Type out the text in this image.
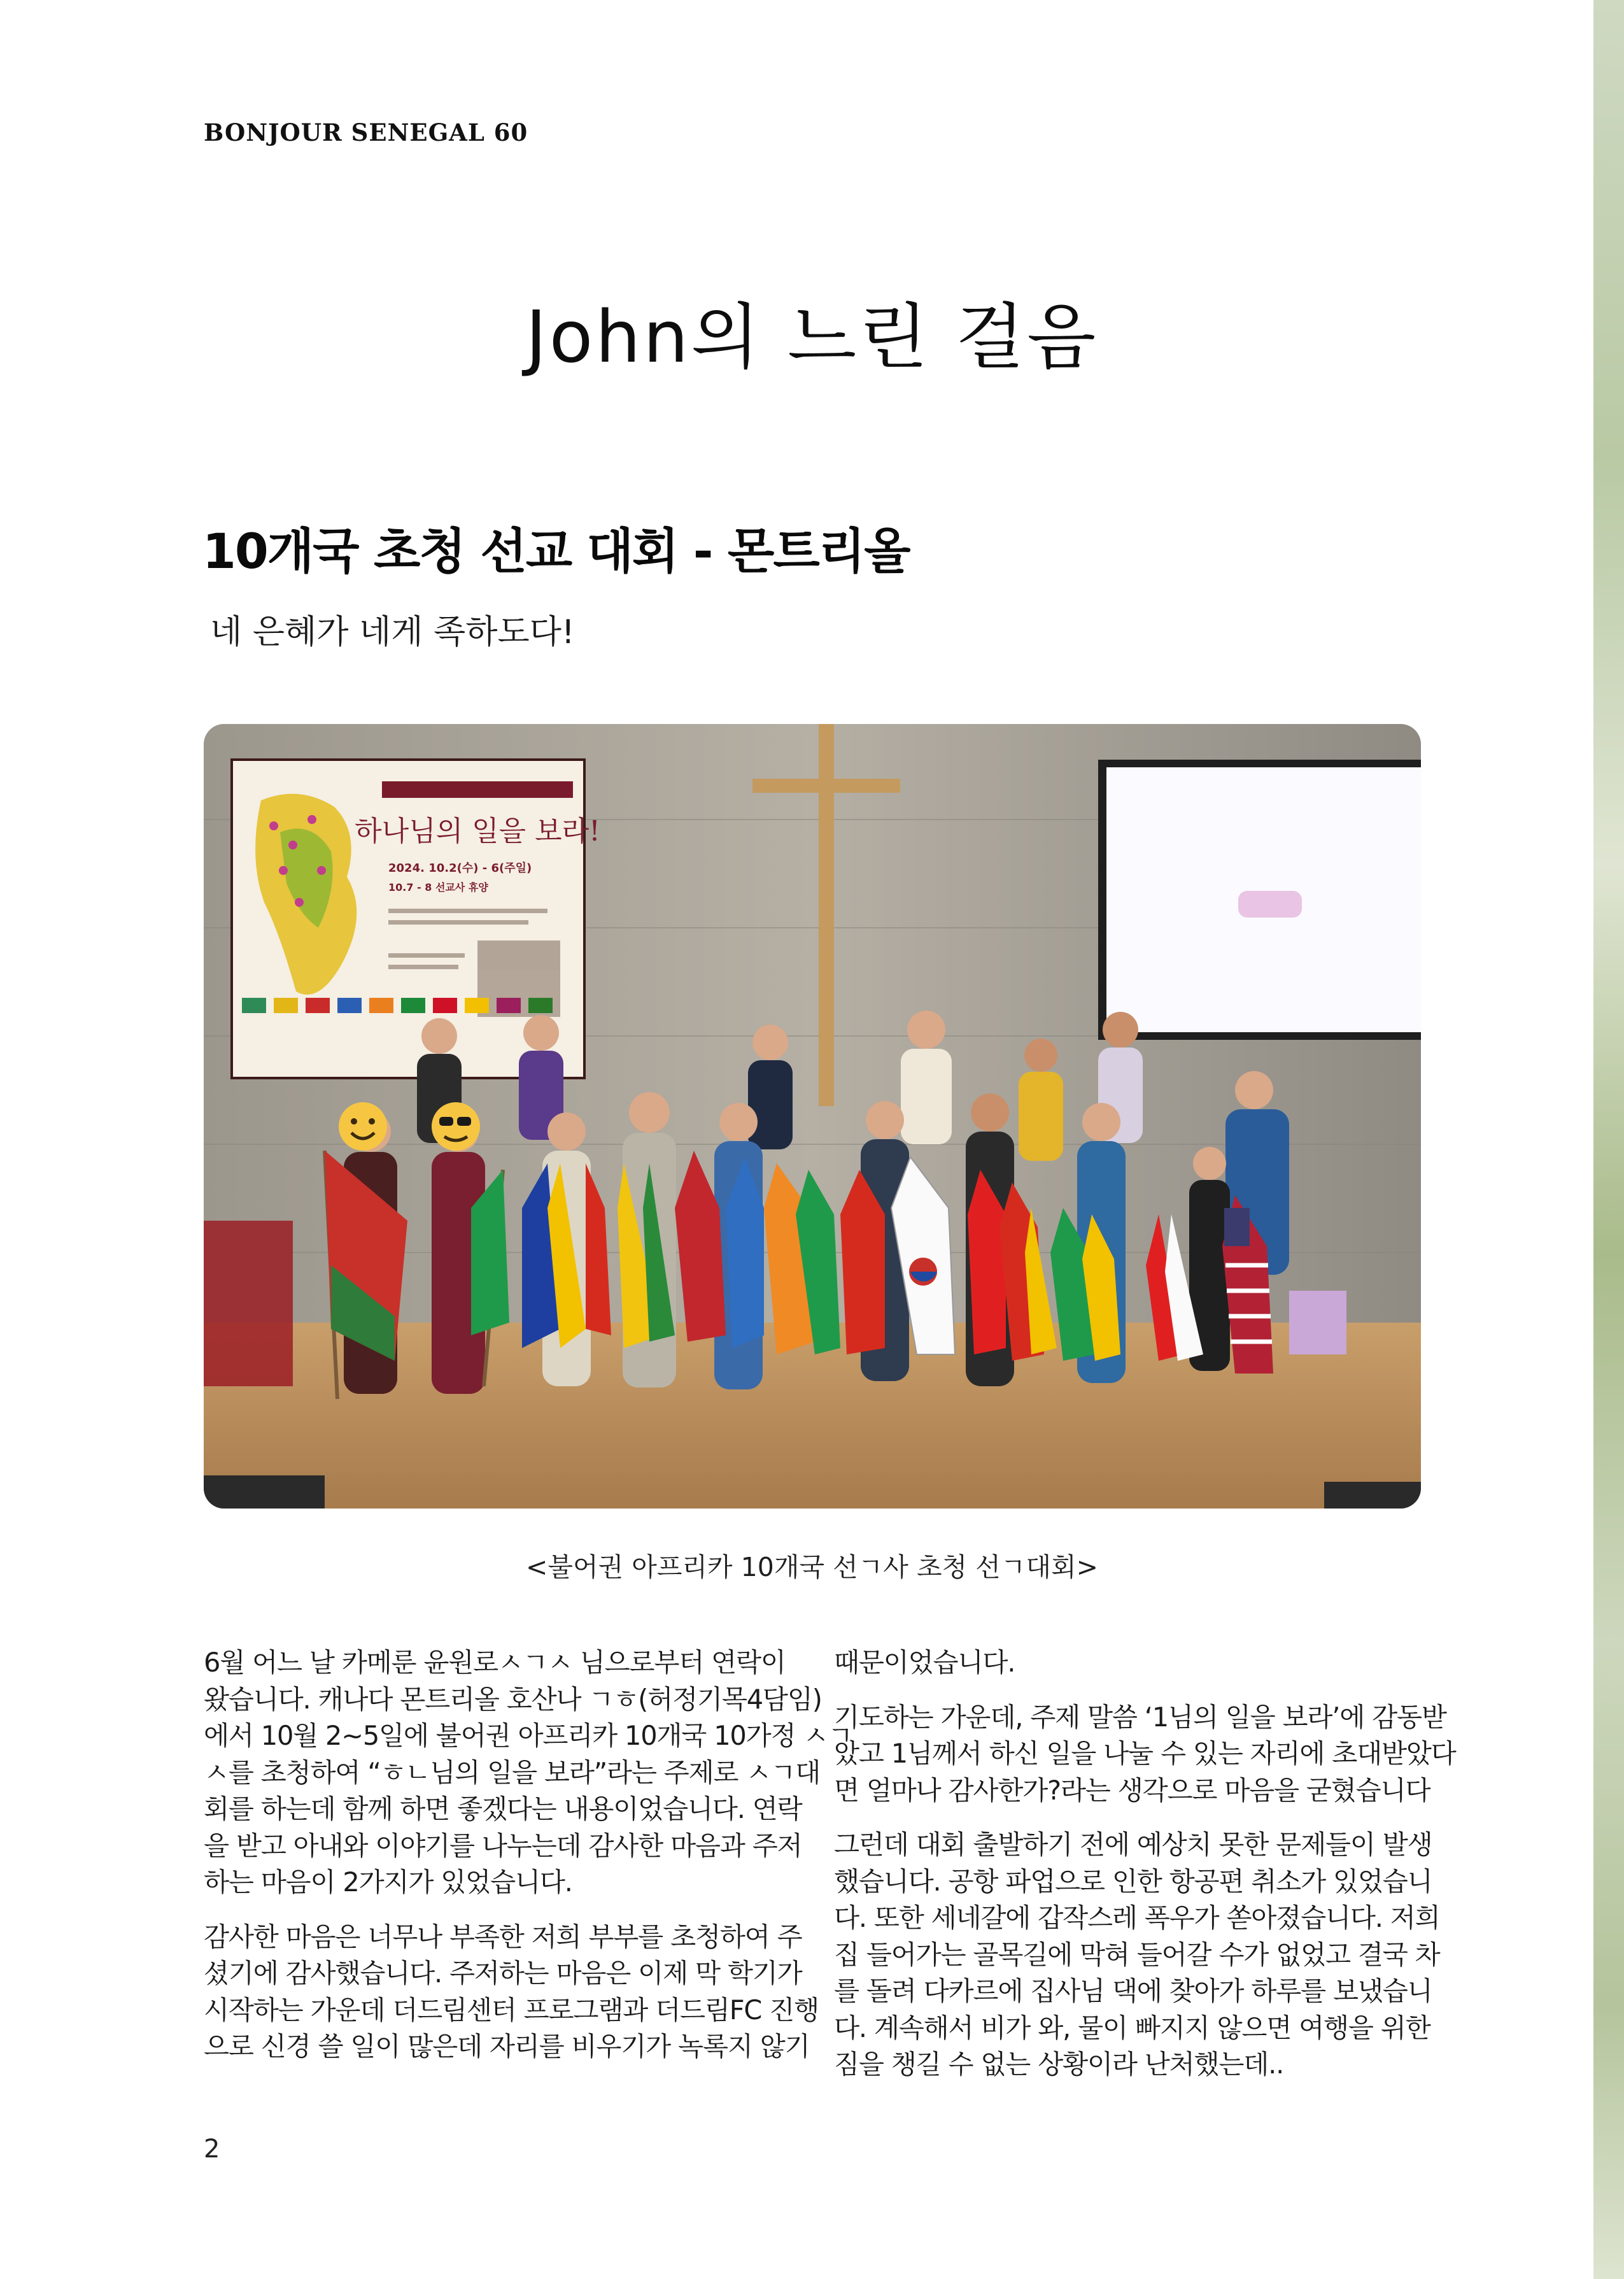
BONJOUR SENEGAL 60
John의 느린 걸음
10개국 초청 선교 대회 - 몬트리올
네 은혜가 네게 족하도다!
하나님의 일을 보라!
2024. 10.2(수) - 6(주일)
10.7 - 8 선교사 휴양
<불어권 아프리카 10개국 선ㄱ사 초청 선ㄱ대회>

6월 어느 날 카메룬 윤원로ㅅㄱㅅ 님으로부터 연락이
왔습니다. 캐나다 몬트리올 호산나 ㄱㅎ(허정기목4담임)
에서 10월 2~5일에 불어권 아프리카 10개국 10가정 ㅅㄱ
ㅅ를 초청하여 “ㅎㄴ님의 일을 보라”라는 주제로 ㅅㄱ대
회를 하는데 함께 하면 좋겠다는 내용이었습니다. 연락
을 받고 아내와 이야기를 나누는데 감사한 마음과 주저
하는 마음이 2가지가 있었습니다.

감사한 마음은 너무나 부족한 저희 부부를 초청하여 주
셨기에 감사했습니다. 주저하는 마음은 이제 막 학기가
시작하는 가운데 더드림센터 프로그램과 더드림FC 진행
으로 신경 쓸 일이 많은데 자리를 비우기가 녹록지 않기

때문이었습니다.

기도하는 가운데, 주제 말씀 ‘1님의 일을 보라’에 감동받
았고 1님께서 하신 일을 나눌 수 있는 자리에 초대받았다
면 얼마나 감사한가?라는 생각으로 마음을 굳혔습니다

그런데 대회 출발하기 전에 예상치 못한 문제들이 발생
했습니다. 공항 파업으로 인한 항공편 취소가 있었습니
다. 또한 세네갈에 갑작스레 폭우가 쏟아졌습니다. 저희
집 들어가는 골목길에 막혀 들어갈 수가 없었고 결국 차
를 돌려 다카르에 집사님 댁에 찾아가 하루를 보냈습니
다. 계속해서 비가 와, 물이 빠지지 않으면 여행을 위한
짐을 챙길 수 없는 상황이라 난처했는데..

2
